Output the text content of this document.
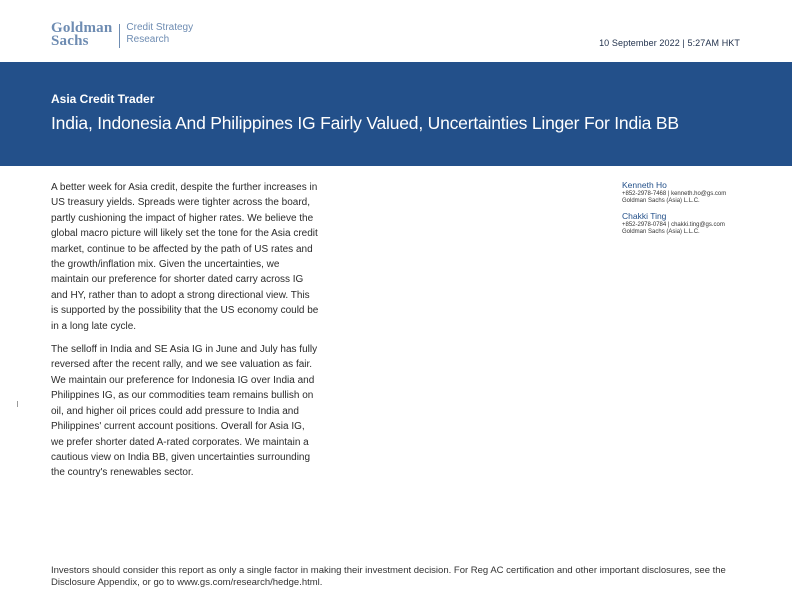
Goldman
Sachs
Credit Strategy
Research	10 September 2022 | 5:27AM HKT
Asia Credit Trader
India, Indonesia And Philippines IG Fairly Valued, Uncertainties Linger For India BB

A better week for Asia credit, despite the further increases in US treasury yields. Spreads were tighter across the board, partly cushioning the impact of higher rates. We believe the global macro picture will likely set the tone for the Asia credit market, continue to be affected by the path of US rates and the growth/inflation mix. Given the uncertainties, we maintain our preference for shorter dated carry across IG and HY, rather than to adopt a strong directional view. This is supported by the possibility that the US economy could be in a long late cycle.

The selloff in India and SE Asia IG in June and July has fully reversed after the recent rally, and we see valuation as fair. We maintain our preference for Indonesia IG over India and Philippines IG, as our commodities team remains bullish on oil, and higher oil prices could add pressure to India and Philippines' current account positions. Overall for Asia IG, we prefer shorter dated A-rated corporates. We maintain a cautious view on India BB, given uncertainties surrounding the country's renewables sector.

Kenneth Ho
+852-2978-7468 | kenneth.ho@gs.com
Goldman Sachs (Asia) L.L.C.
Chakki Ting
+852-2978-0784 | chakki.ting@gs.com
Goldman Sachs (Asia) L.L.C.
Investors should consider this report as only a single factor in making their investment decision. For Reg AC certification and other important disclosures, see the Disclosure Appendix, or go to www.gs.com/research/hedge.html.
